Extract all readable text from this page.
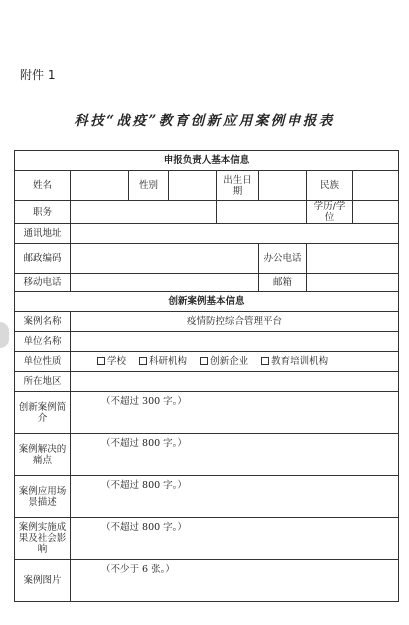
附件 1
科技“战疫”教育创新应用案例申报表
申报负责人基本信息							
姓名		性别		出生日期		民族	
职务						学历/学位	
通讯地址							
邮政编码					办公电话		
移动电话					邮箱		
创新案例基本信息							
案例名称	疫情防控综合管理平台						
单位名称							
单位性质	学校 科研机构 创新企业 教育培训机构						
所在地区							
创新案例简介	（不超过 300 字。）						
案例解决的痛点	（不超过 800 字。）						
案例应用场景描述	（不超过 800 字。）						
案例实施成果及社会影响	（不超过 800 字。）						
案例图片	（不少于 6 张。）						
